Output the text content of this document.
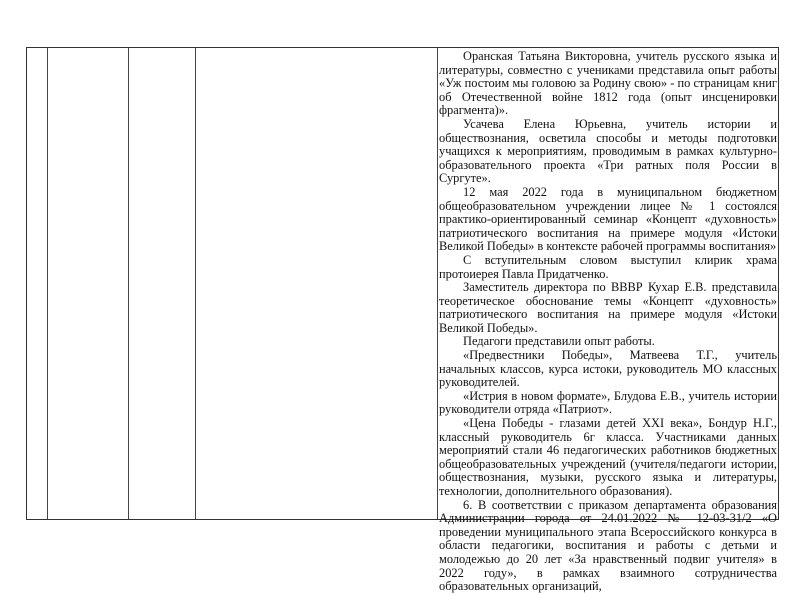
Оранская Татьяна Викторовна, учитель русского языка и литературы, совместно с учениками представила опыт работы «Уж постоим мы головою за Родину свою» - по страницам книг об Отечественной войне 1812 года (опыт инсценировки фрагмента)».

Усачева Елена Юрьевна, учитель истории и обществознания, осветила способы и методы подготовки учащихся к мероприятиям, проводимым в рамках культурно-образовательного проекта «Три ратных поля России в Сургуте».

12 мая 2022 года в муниципальном бюджетном общеобразовательном учреждении лицее № 1 состоялся практико-ориентированный семинар «Концепт «духовность» патриотического воспитания на примере модуля «Истоки Великой Победы» в контексте рабочей программы воспитания»

С вступительным словом выступил клирик храма протоиерея Павла Придатченко.

Заместитель директора по ВВВР Кухар Е.В. представила теоретическое обоснование темы «Концепт «духовность» патриотического воспитания на примере модуля «Истоки Великой Победы».

Педагоги представили опыт работы.

«Предвестники Победы», Матвеева Т.Г., учитель начальных классов, курса истоки, руководитель МО классных руководителей.

«Истрия в новом формате», Блудова Е.В., учитель истории руководители отряда «Патриот».

«Цена Победы - глазами детей XXI века», Бондур Н.Г., классный руководитель 6г класса. Участниками данных мероприятий стали 46 педагогических работников бюджетных общеобразовательных учреждений (учителя/педагоги истории, обществознания, музыки, русского языка и литературы, технологии, дополнительного образования).

6. В соответствии с приказом департамента образования Администрации города от 24.01.2022 № 12-03-31/2 «О проведении муниципального этапа Всероссийского конкурса в области педагогики, воспитания и работы с детьми и молодежью до 20 лет «За нравственный подвиг учителя» в 2022 году», в рамках взаимного сотрудничества образовательных организаций,
